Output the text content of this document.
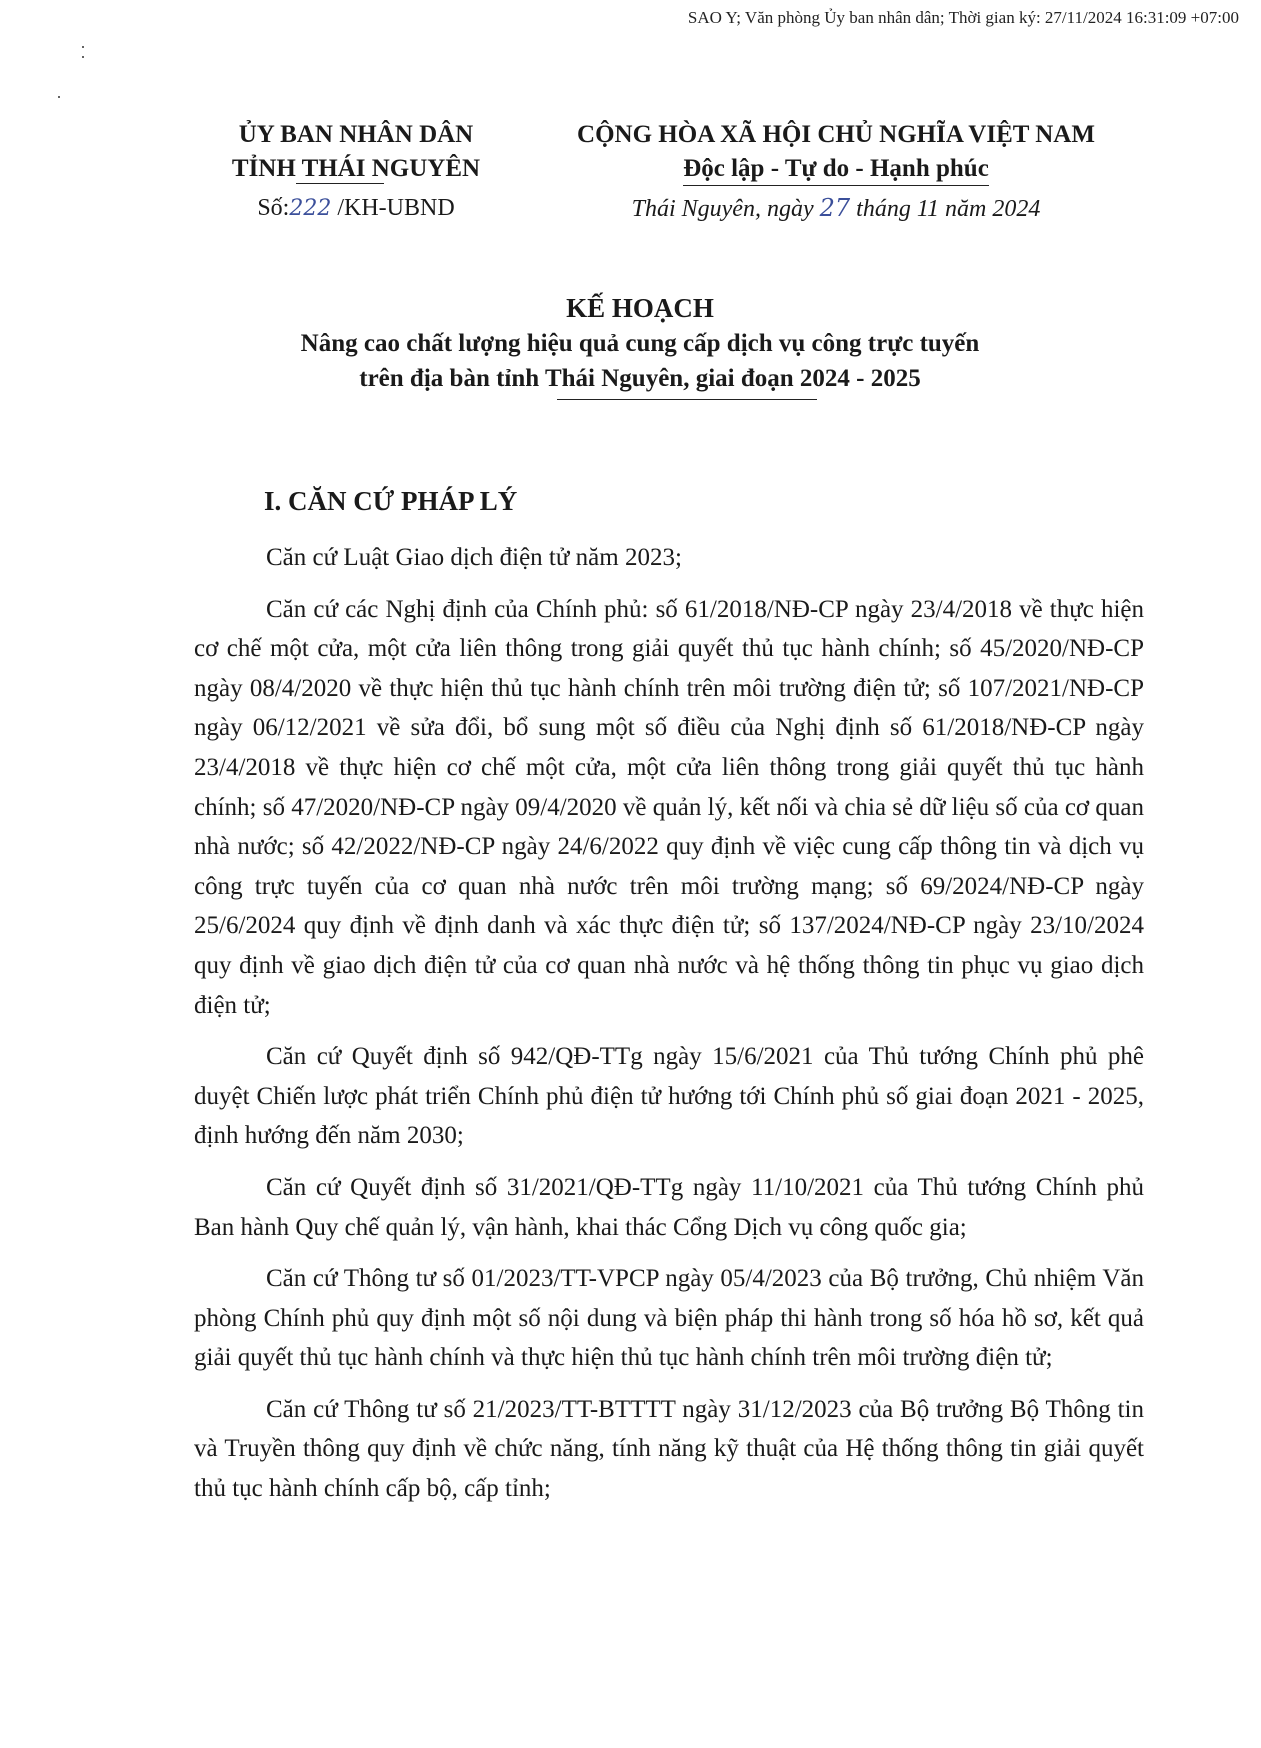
SAO Y; Văn phòng Ủy ban nhân dân; Thời gian ký: 27/11/2024 16:31:09 +07:00
ỦY BAN NHÂN DÂN
TỈNH THÁI NGUYÊN
Số:222 /KH-UBND
CỘNG HÒA XÃ HỘI CHỦ NGHĨA VIỆT NAM
Độc lập - Tự do - Hạnh phúc
Thái Nguyên, ngày 27 tháng 11 năm 2024
KẾ HOẠCH
Nâng cao chất lượng hiệu quả cung cấp dịch vụ công trực tuyến
trên địa bàn tỉnh Thái Nguyên, giai đoạn 2024 - 2025
I. CĂN CỨ PHÁP LÝ

Căn cứ Luật Giao dịch điện tử năm 2023;

Căn cứ các Nghị định của Chính phủ: số 61/2018/NĐ-CP ngày 23/4/2018 về thực hiện cơ chế một cửa, một cửa liên thông trong giải quyết thủ tục hành chính; số 45/2020/NĐ-CP ngày 08/4/2020 về thực hiện thủ tục hành chính trên môi trường điện tử; số 107/2021/NĐ-CP ngày 06/12/2021 về sửa đổi, bổ sung một số điều của Nghị định số 61/2018/NĐ-CP ngày 23/4/2018 về thực hiện cơ chế một cửa, một cửa liên thông trong giải quyết thủ tục hành chính; số 47/2020/NĐ-CP ngày 09/4/2020 về quản lý, kết nối và chia sẻ dữ liệu số của cơ quan nhà nước; số 42/2022/NĐ-CP ngày 24/6/2022 quy định về việc cung cấp thông tin và dịch vụ công trực tuyến của cơ quan nhà nước trên môi trường mạng; số 69/2024/NĐ-CP ngày 25/6/2024 quy định về định danh và xác thực điện tử; số 137/2024/NĐ-CP ngày 23/10/2024 quy định về giao dịch điện tử của cơ quan nhà nước và hệ thống thông tin phục vụ giao dịch điện tử;

Căn cứ Quyết định số 942/QĐ-TTg ngày 15/6/2021 của Thủ tướng Chính phủ phê duyệt Chiến lược phát triển Chính phủ điện tử hướng tới Chính phủ số giai đoạn 2021 - 2025, định hướng đến năm 2030;

Căn cứ Quyết định số 31/2021/QĐ-TTg ngày 11/10/2021 của Thủ tướng Chính phủ Ban hành Quy chế quản lý, vận hành, khai thác Cổng Dịch vụ công quốc gia;

Căn cứ Thông tư số 01/2023/TT-VPCP ngày 05/4/2023 của Bộ trưởng, Chủ nhiệm Văn phòng Chính phủ quy định một số nội dung và biện pháp thi hành trong số hóa hồ sơ, kết quả giải quyết thủ tục hành chính và thực hiện thủ tục hành chính trên môi trường điện tử;

Căn cứ Thông tư số 21/2023/TT-BTTTT ngày 31/12/2023 của Bộ trưởng Bộ Thông tin và Truyền thông quy định về chức năng, tính năng kỹ thuật của Hệ thống thông tin giải quyết thủ tục hành chính cấp bộ, cấp tỉnh;
